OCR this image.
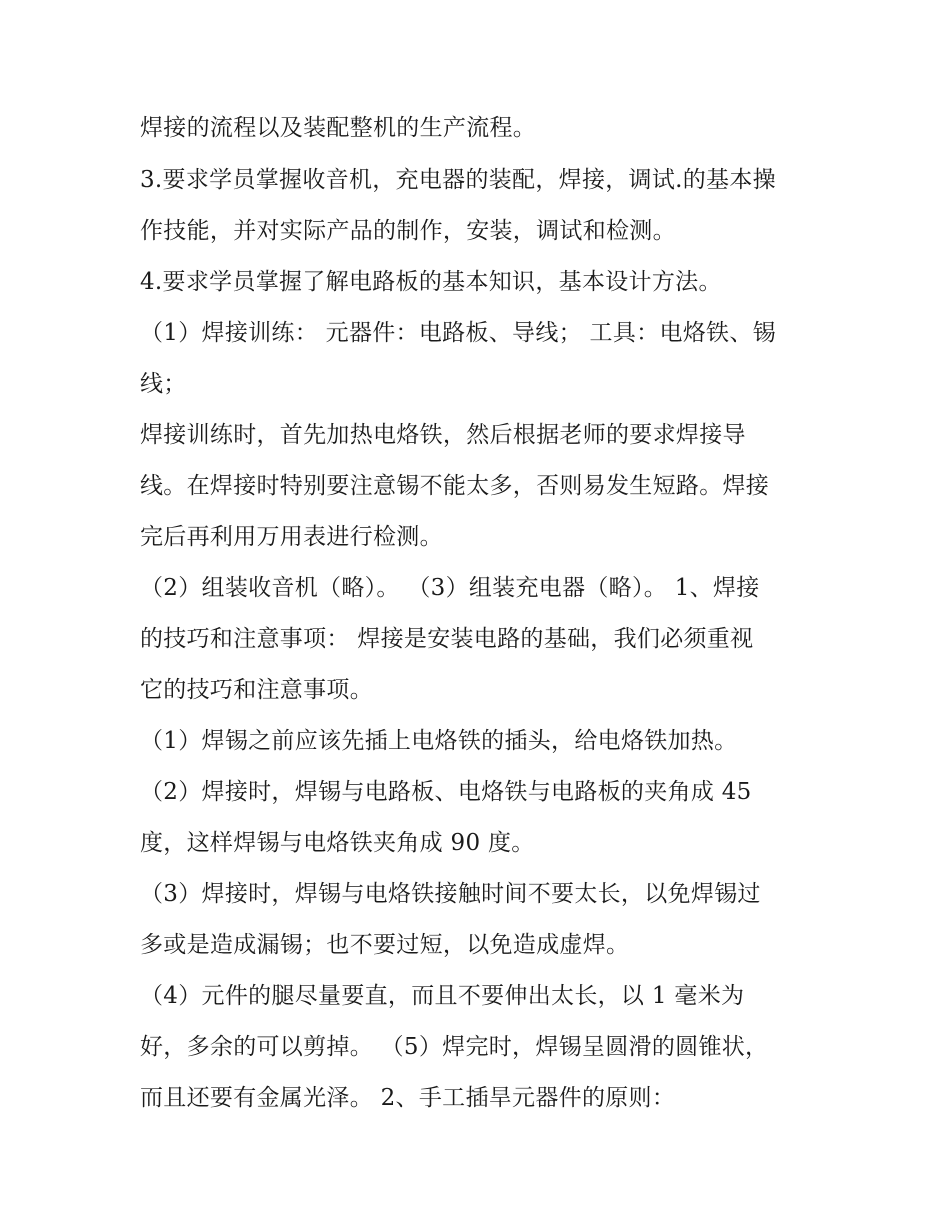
焊接的流程以及装配整机的生产流程。
3.要求学员掌握收音机，充电器的装配，焊接，调试.的基本操
作技能，并对实际产品的制作，安装，调试和检测。
4.要求学员掌握了解电路板的基本知识，基本设计方法。
（1）焊接训练： 元器件：电路板、导线； 工具：电烙铁、锡
线；
焊接训练时，首先加热电烙铁，然后根据老师的要求焊接导
线。在焊接时特别要注意锡不能太多，否则易发生短路。焊接
完后再利用万用表进行检测。
（2）组装收音机（略）。 （3）组装充电器（略）。 1、焊接
的技巧和注意事项： 焊接是安装电路的基础，我们必须重视
它的技巧和注意事项。
（1）焊锡之前应该先插上电烙铁的插头，给电烙铁加热。
（2）焊接时，焊锡与电路板、电烙铁与电路板的夹角成 45
度，这样焊锡与电烙铁夹角成 90 度。
（3）焊接时，焊锡与电烙铁接触时间不要太长，以免焊锡过
多或是造成漏锡；也不要过短，以免造成虚焊。
（4）元件的腿尽量要直，而且不要伸出太长，以 1 毫米为
好，多余的可以剪掉。 （5）焊完时，焊锡呈圆滑的圆锥状，
而且还要有金属光泽。 2、手工插旱元器件的原则：
